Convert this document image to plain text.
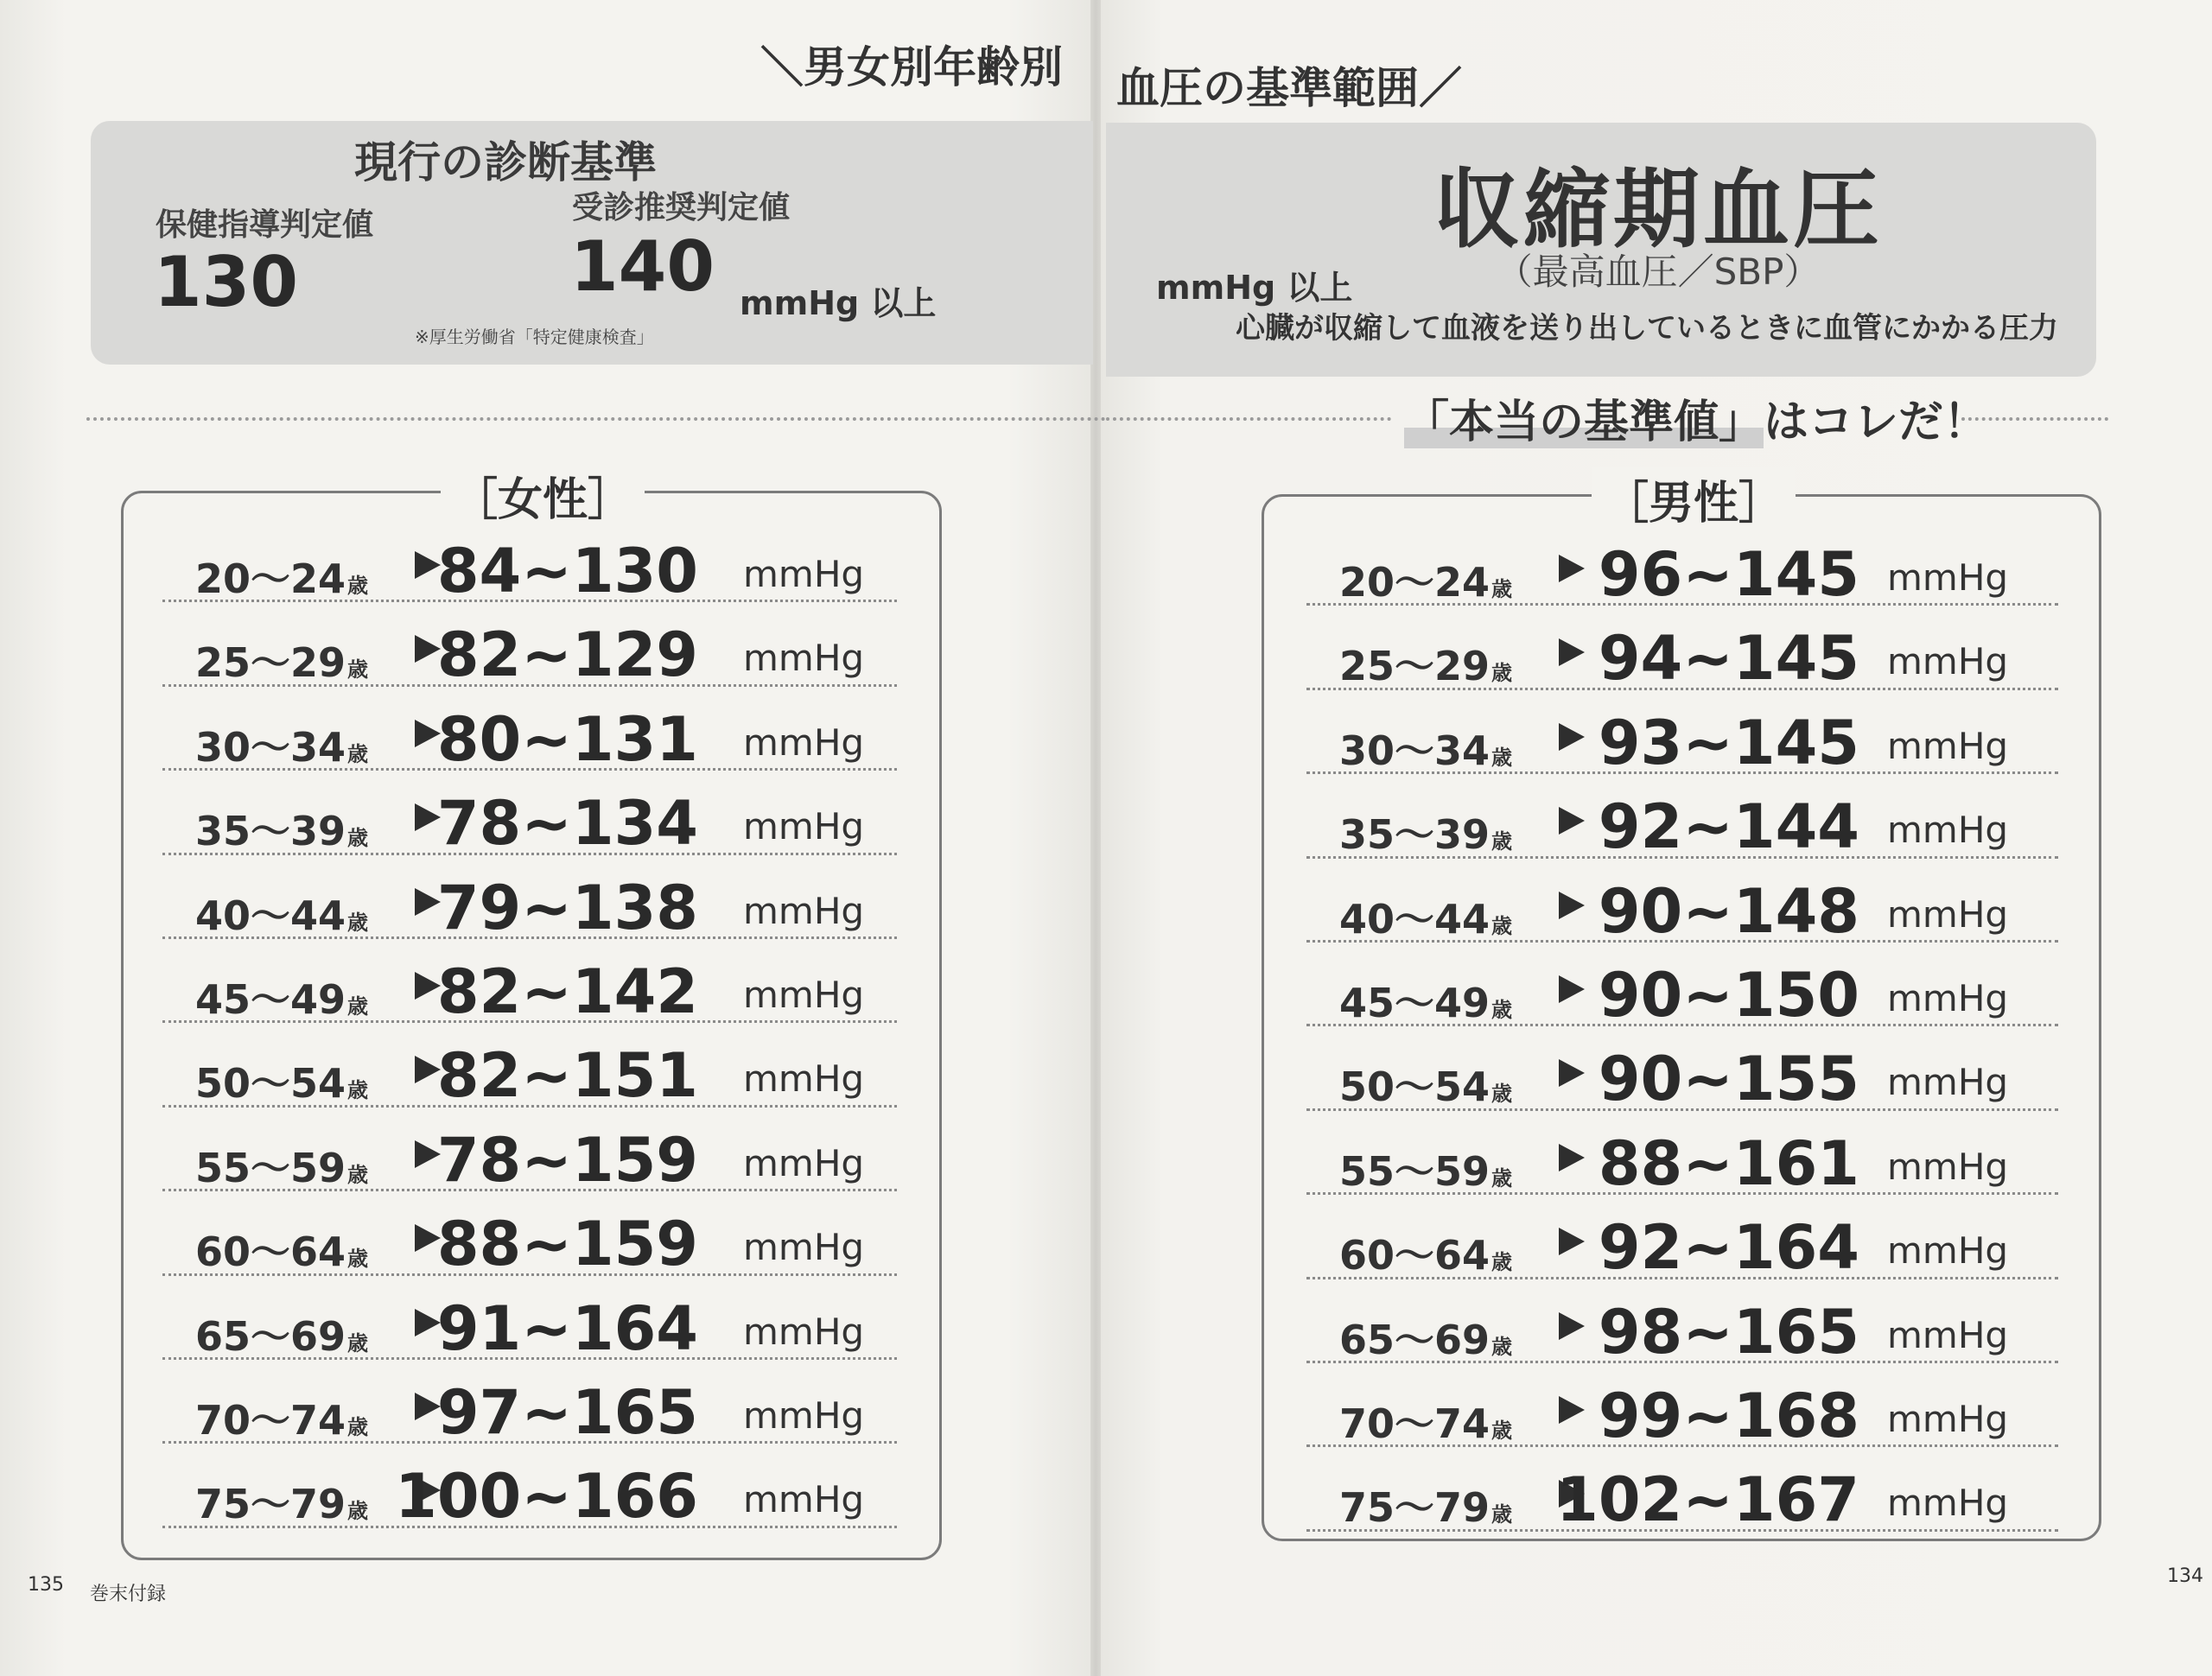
＼男女別年齢別 血圧の基準範囲／
現行の診断基準
保健指導判定値
130	mmHg 以上
受診推奨判定値
140	mmHg 以上
※厚生労働省「特定健康検査」
収縮期血圧
（最高血圧／SBP）
心臓が収縮して血液を送り出しているときに血管にかかる圧力
「本当の基準値」はコレだ！
［女性］	［男性］
20～24歳 84~130 mmHg
25～29歳 82~129 mmHg
30～34歳 80~131 mmHg
35～39歳 78~134 mmHg
40～44歳 79~138 mmHg
45～49歳 82~142 mmHg
50～54歳 82~151 mmHg
55～59歳 78~159 mmHg
60～64歳 88~159 mmHg
65～69歳 91~164 mmHg
70～74歳 97~165 mmHg
75～79歳 100~166 mmHg
20～24歳 96~145 mmHg
25～29歳 94~145 mmHg
30～34歳 93~145 mmHg
35～39歳 92~144 mmHg
40～44歳 90~148 mmHg
45～49歳 90~150 mmHg
50～54歳 90~155 mmHg
55～59歳 88~161 mmHg
60～64歳 92~164 mmHg
65～69歳 98~165 mmHg
70～74歳 99~168 mmHg
75～79歳 102~167 mmHg
135 巻末付録
134
